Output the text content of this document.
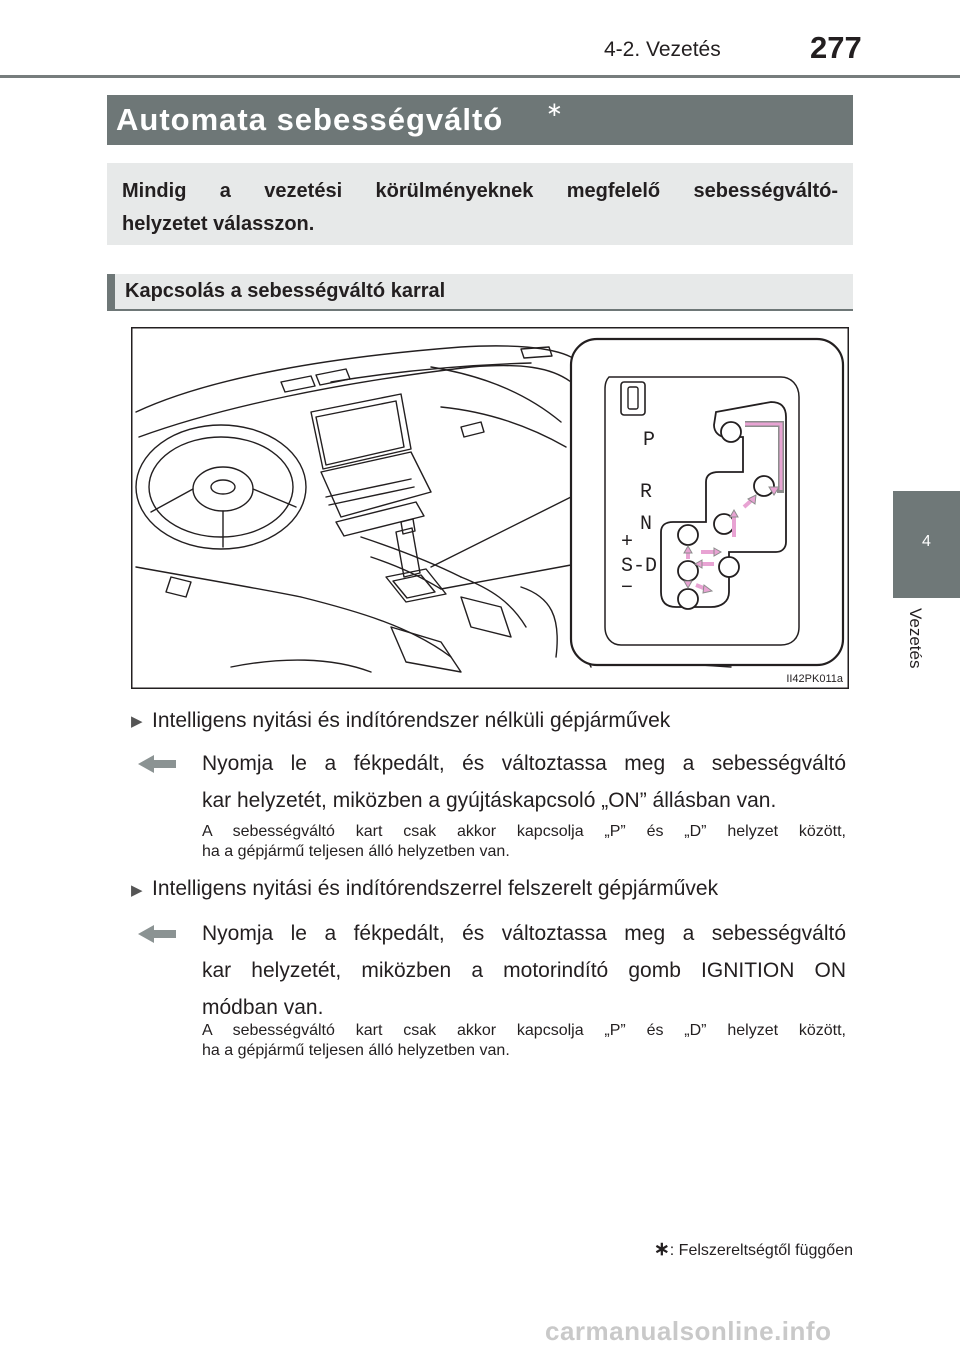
4-2. Vezetés	277
4
Vezetés
Automata sebességváltó ∗
Mindig a vezetési körülményeknek megfelelő sebességváltó-
helyzetet válasszon.
Kapcsolás a sebességváltó karral
P
R
N
+
S-D
−
II42PK011a
▶ Intelligens nyitási és indítórendszer nélküli gépjárművek
Nyomja le a fékpedált, és változtassa meg a sebességváltó
kar helyzetét, miközben a gyújtáskapcsoló „ON” állásban van.
A sebességváltó kart csak akkor kapcsolja „P” és „D” helyzet között,
ha a gépjármű teljesen álló helyzetben van.
▶ Intelligens nyitási és indítórendszerrel felszerelt gépjárművek
Nyomja le a fékpedált, és változtassa meg a sebességváltó
kar helyzetét, miközben a motorindító gomb IGNITION ON
módban van.
A sebességváltó kart csak akkor kapcsolja „P” és „D” helyzet között,
ha a gépjármű teljesen álló helyzetben van.
∗: Felszereltségtől függően
carmanualsonline.info
